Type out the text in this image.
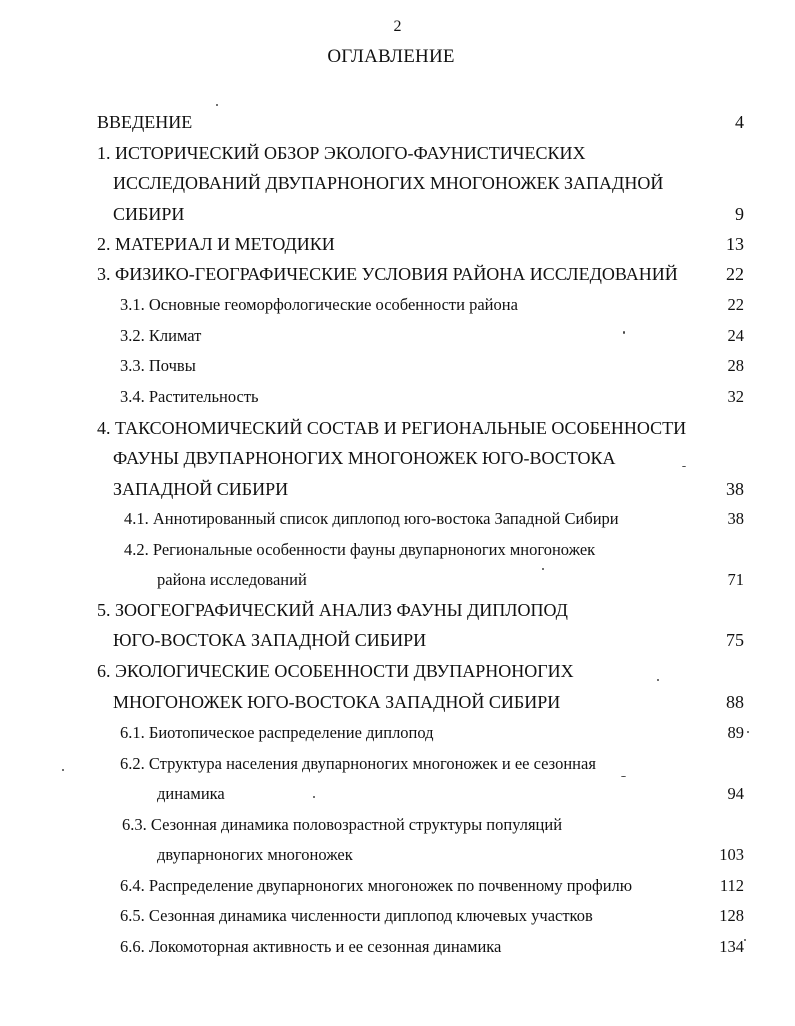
2
ОГЛАВЛЕНИЕ
ВВЕДЕНИЕ	4
1. ИСТОРИЧЕСКИЙ ОБЗОР ЭКОЛОГО-ФАУНИСТИЧЕСКИХ
ИССЛЕДОВАНИЙ ДВУПАРНОНОГИХ МНОГОНОЖЕК ЗАПАДНОЙ
СИБИРИ	9
2. МАТЕРИАЛ И МЕТОДИКИ	13
3. ФИЗИКО-ГЕОГРАФИЧЕСКИЕ УСЛОВИЯ РАЙОНА ИССЛЕДОВАНИЙ	22
3.1. Основные геоморфологические особенности района	22
3.2. Климат	24
3.3. Почвы	28
3.4. Растительность	32
4. ТАКСОНОМИЧЕСКИЙ СОСТАВ И РЕГИОНАЛЬНЫЕ ОСОБЕННОСТИ
ФАУНЫ ДВУПАРНОНОГИХ МНОГОНОЖЕК ЮГО-ВОСТОКА
ЗАПАДНОЙ СИБИРИ	38
4.1. Аннотированный список диплопод юго-востока Западной Сибири	38
4.2. Региональные особенности фауны двупарноногих многоножек
района исследований	71
5. ЗООГЕОГРАФИЧЕСКИЙ АНАЛИЗ ФАУНЫ ДИПЛОПОД
ЮГО-ВОСТОКА ЗАПАДНОЙ СИБИРИ	75
6. ЭКОЛОГИЧЕСКИЕ ОСОБЕННОСТИ ДВУПАРНОНОГИХ
МНОГОНОЖЕК ЮГО-ВОСТОКА ЗАПАДНОЙ СИБИРИ	88
6.1. Биотопическое распределение диплопод	89
6.2. Структура населения двупарноногих многоножек и ее сезонная
динамика	94
6.3. Сезонная динамика половозрастной структуры популяций
двупарноногих многоножек	103
6.4. Распределение двупарноногих многоножек по почвенному профилю	112
6.5. Сезонная динамика численности диплопод ключевых участков	128
6.6. Локомоторная активность и ее сезонная динамика	134
